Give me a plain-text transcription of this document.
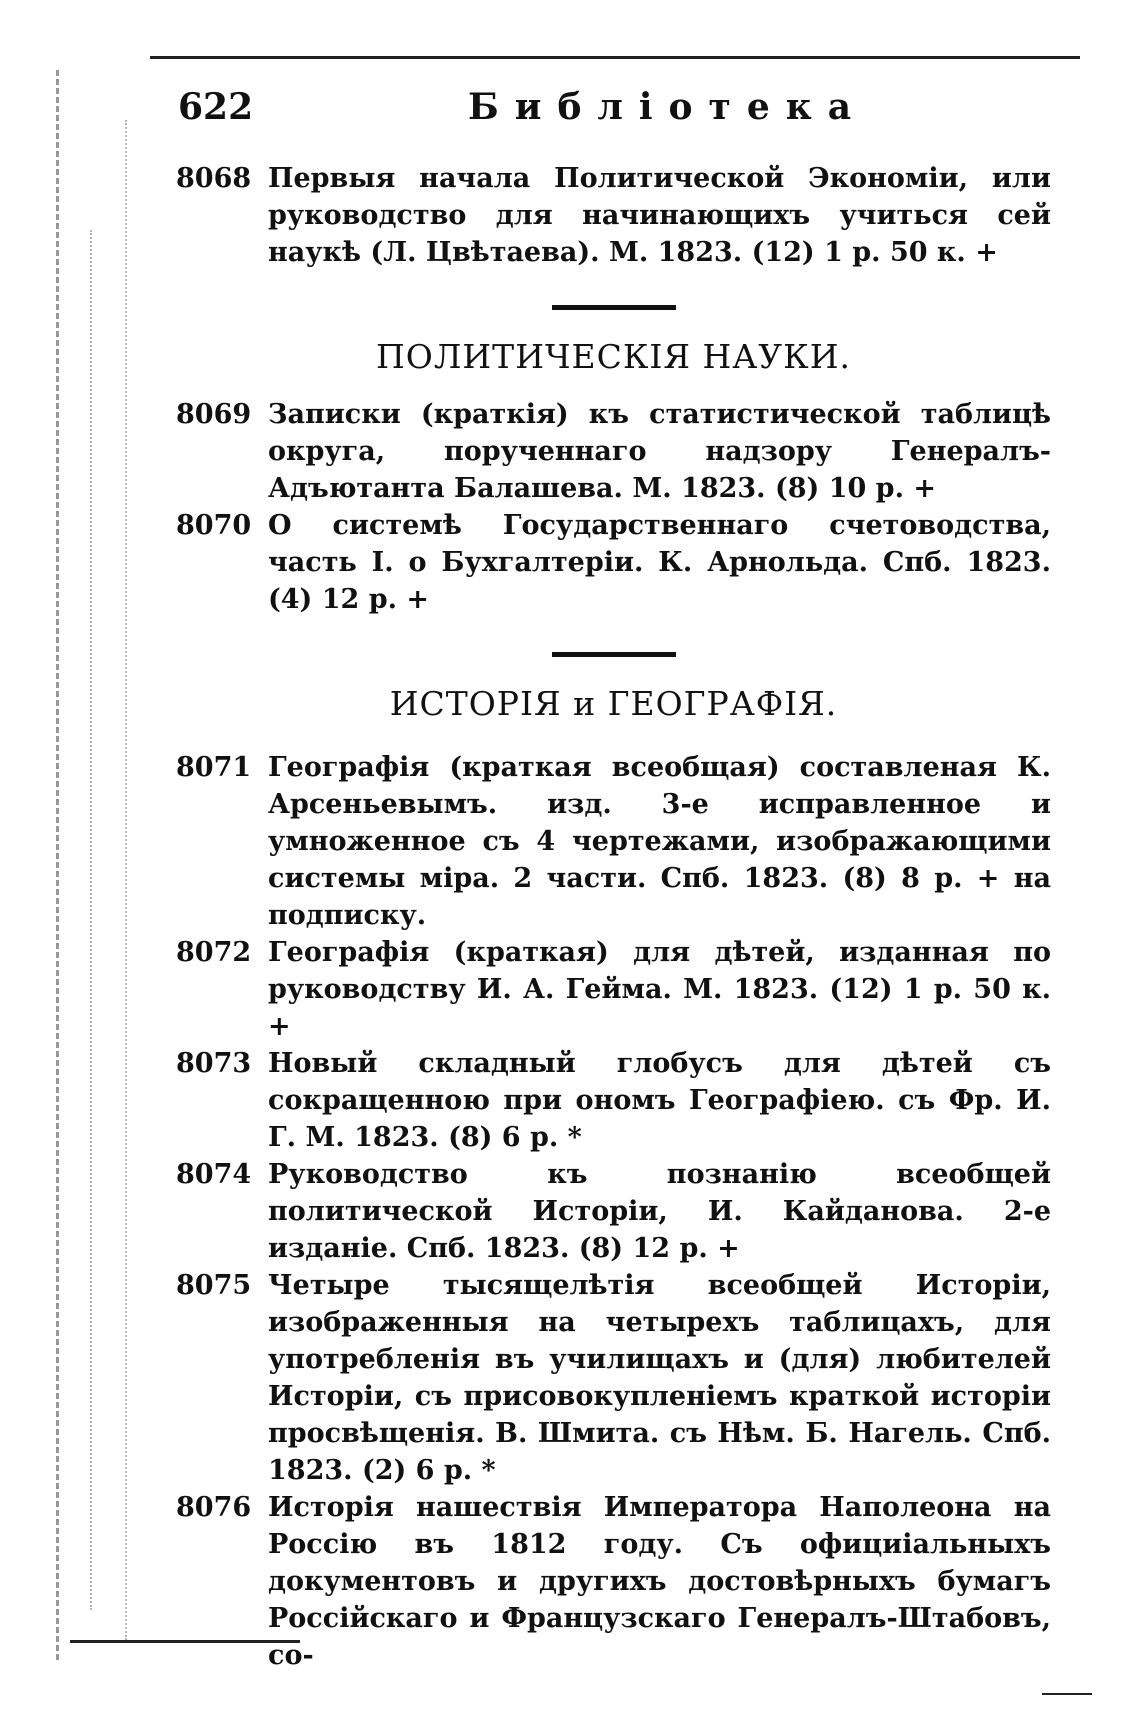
622	Библіотека
8068 Первыя начала Политической Экономіи, или руководство для начинающихъ учиться сей наукѣ (Л. Цвѣтаева). М. 1823. (12) 1 р. 50 к. +
ПОЛИТИЧЕСКІЯ НАУКИ.
8069 Записки (краткія) къ статистической таблицѣ округа, порученнаго надзору Генералъ-Адъютанта Балашева. М. 1823. (8) 10 р. +
8070 О системѣ Государственнаго счетоводства, часть I. о Бухгалтеріи. К. Арнольда. Спб. 1823. (4) 12 р. +
ИСТОРІЯ и ГЕОГРАФІЯ.
8071 Географія (краткая всеобщая) составленая К. Арсеньевымъ. изд. 3-е исправленное и умноженное съ 4 чертежами, изображающими системы міра. 2 части. Спб. 1823. (8) 8 р. + на подписку.
8072 Географія (краткая) для дѣтей, изданная по руководству И. А. Гейма. М. 1823. (12) 1 р. 50 к. +
8073 Новый складный глобусъ для дѣтей съ сокращенною при ономъ Географіею. съ Фр. И. Г. М. 1823. (8) 6 р. *
8074 Руководство къ познанію всеобщей политической Исторіи, И. Кайданова. 2-е изданіе. Спб. 1823. (8) 12 р. +
8075 Четыре тысящелѣтія всеобщей Исторіи, изображенныя на четырехъ таблицахъ, для употребленія въ училищахъ и (для) любителей Исторіи, съ присовокупленіемъ краткой исторіи просвѣщенія. В. Шмита. съ Нѣм. Б. Нагель. Спб. 1823. (2) 6 р. *
8076 Исторія нашествія Императора Наполеона на Россію въ 1812 году. Съ официіальныхъ документовъ и другихъ достовѣрныхъ бумагъ Россійскаго и Французскаго Генералъ-Штабовъ, со-
